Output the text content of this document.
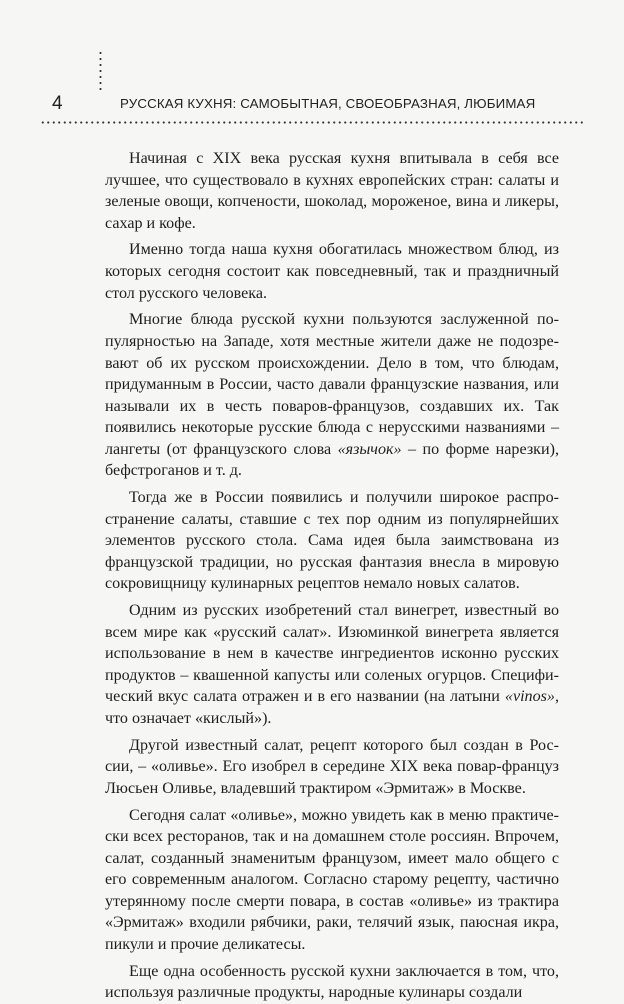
4	РУССКАЯ КУХНЯ: САМОБЫТНАЯ, СВОЕОБРАЗНАЯ, ЛЮБИМАЯ

Начиная с XIX века русская кухня впитывала в себя все лучшее, что существовало в кухнях европейских стран: салаты и зеленые овощи, копчености, шоколад, мороженое, вина и ликеры, сахар и кофе.

Именно тогда наша кухня обогатилась множеством блюд, из которых сегодня состоит как повседневный, так и праздничный стол русского человека.

Многие блюда русской кухни пользуются заслуженной популярностью на Западе, хотя местные жители даже не подозревают об их русском происхождении. Дело в том, что блюдам, придуманным в России, часто давали французские названия, или называли их в честь поваров-французов, создавших их. Так появились некоторые русские блюда с нерусскими названиями – лангеты (от французского слова «язычок» – по форме нарезки), бефстроганов и т. д.

Тогда же в России появились и получили широкое распространение салаты, ставшие с тех пор одним из популярнейших элементов русского стола. Сама идея была заимствована из французской традиции, но русская фантазия внесла в мировую сокровищницу кулинарных рецептов немало новых салатов.

Одним из русских изобретений стал винегрет, известный во всем мире как «русский салат». Изюминкой винегрета является использование в нем в качестве ингредиентов исконно русских продуктов – квашенной капусты или соленых огурцов. Специфический вкус салата отражен и в его названии (на латыни «vinos», что означает «кислый»).

Другой известный салат, рецепт которого был создан в России, – «оливье». Его изобрел в середине XIX века повар-француз Люсьен Оливье, владевший трактиром «Эрмитаж» в Москве.

Сегодня салат «оливье», можно увидеть как в меню практически всех ресторанов, так и на домашнем столе россиян. Впрочем, салат, созданный знаменитым французом, имеет мало общего с его современным аналогом. Согласно старому рецепту, частично утерянному после смерти повара, в состав «оливье» из трактира «Эрмитаж» входили рябчики, раки, телячий язык, паюсная икра, пикули и прочие деликатесы.

Еще одна особенность русской кухни заключается в том, что, используя различные продукты, народные кулинары создали
